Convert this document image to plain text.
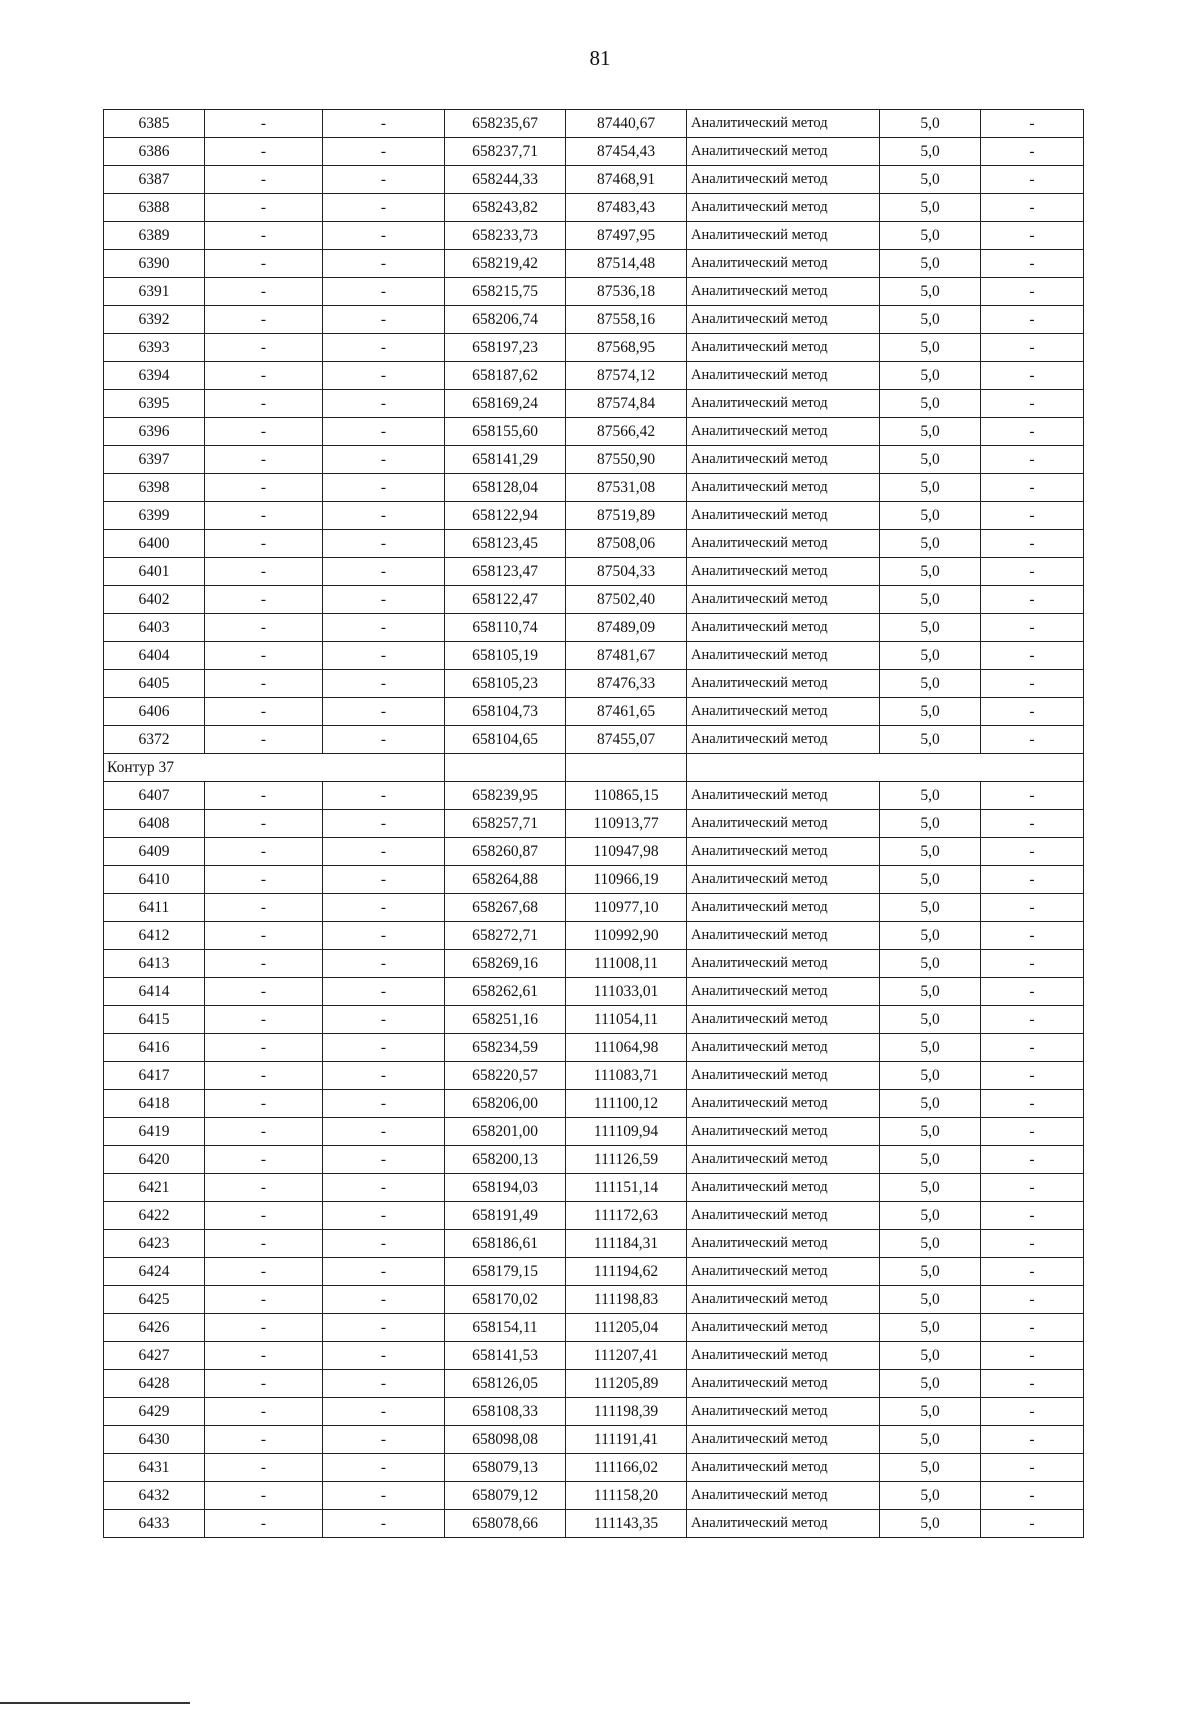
81
6385	-	-	658235,67	87440,67	Аналитический метод	5,0	-
6386	-	-	658237,71	87454,43	Аналитический метод	5,0	-
6387	-	-	658244,33	87468,91	Аналитический метод	5,0	-
6388	-	-	658243,82	87483,43	Аналитический метод	5,0	-
6389	-	-	658233,73	87497,95	Аналитический метод	5,0	-
6390	-	-	658219,42	87514,48	Аналитический метод	5,0	-
6391	-	-	658215,75	87536,18	Аналитический метод	5,0	-
6392	-	-	658206,74	87558,16	Аналитический метод	5,0	-
6393	-	-	658197,23	87568,95	Аналитический метод	5,0	-
6394	-	-	658187,62	87574,12	Аналитический метод	5,0	-
6395	-	-	658169,24	87574,84	Аналитический метод	5,0	-
6396	-	-	658155,60	87566,42	Аналитический метод	5,0	-
6397	-	-	658141,29	87550,90	Аналитический метод	5,0	-
6398	-	-	658128,04	87531,08	Аналитический метод	5,0	-
6399	-	-	658122,94	87519,89	Аналитический метод	5,0	-
6400	-	-	658123,45	87508,06	Аналитический метод	5,0	-
6401	-	-	658123,47	87504,33	Аналитический метод	5,0	-
6402	-	-	658122,47	87502,40	Аналитический метод	5,0	-
6403	-	-	658110,74	87489,09	Аналитический метод	5,0	-
6404	-	-	658105,19	87481,67	Аналитический метод	5,0	-
6405	-	-	658105,23	87476,33	Аналитический метод	5,0	-
6406	-	-	658104,73	87461,65	Аналитический метод	5,0	-
6372	-	-	658104,65	87455,07	Аналитический метод	5,0	-
Контур 37							
6407	-	-	658239,95	110865,15	Аналитический метод	5,0	-
6408	-	-	658257,71	110913,77	Аналитический метод	5,0	-
6409	-	-	658260,87	110947,98	Аналитический метод	5,0	-
6410	-	-	658264,88	110966,19	Аналитический метод	5,0	-
6411	-	-	658267,68	110977,10	Аналитический метод	5,0	-
6412	-	-	658272,71	110992,90	Аналитический метод	5,0	-
6413	-	-	658269,16	111008,11	Аналитический метод	5,0	-
6414	-	-	658262,61	111033,01	Аналитический метод	5,0	-
6415	-	-	658251,16	111054,11	Аналитический метод	5,0	-
6416	-	-	658234,59	111064,98	Аналитический метод	5,0	-
6417	-	-	658220,57	111083,71	Аналитический метод	5,0	-
6418	-	-	658206,00	111100,12	Аналитический метод	5,0	-
6419	-	-	658201,00	111109,94	Аналитический метод	5,0	-
6420	-	-	658200,13	111126,59	Аналитический метод	5,0	-
6421	-	-	658194,03	111151,14	Аналитический метод	5,0	-
6422	-	-	658191,49	111172,63	Аналитический метод	5,0	-
6423	-	-	658186,61	111184,31	Аналитический метод	5,0	-
6424	-	-	658179,15	111194,62	Аналитический метод	5,0	-
6425	-	-	658170,02	111198,83	Аналитический метод	5,0	-
6426	-	-	658154,11	111205,04	Аналитический метод	5,0	-
6427	-	-	658141,53	111207,41	Аналитический метод	5,0	-
6428	-	-	658126,05	111205,89	Аналитический метод	5,0	-
6429	-	-	658108,33	111198,39	Аналитический метод	5,0	-
6430	-	-	658098,08	111191,41	Аналитический метод	5,0	-
6431	-	-	658079,13	111166,02	Аналитический метод	5,0	-
6432	-	-	658079,12	111158,20	Аналитический метод	5,0	-
6433	-	-	658078,66	111143,35	Аналитический метод	5,0	-
